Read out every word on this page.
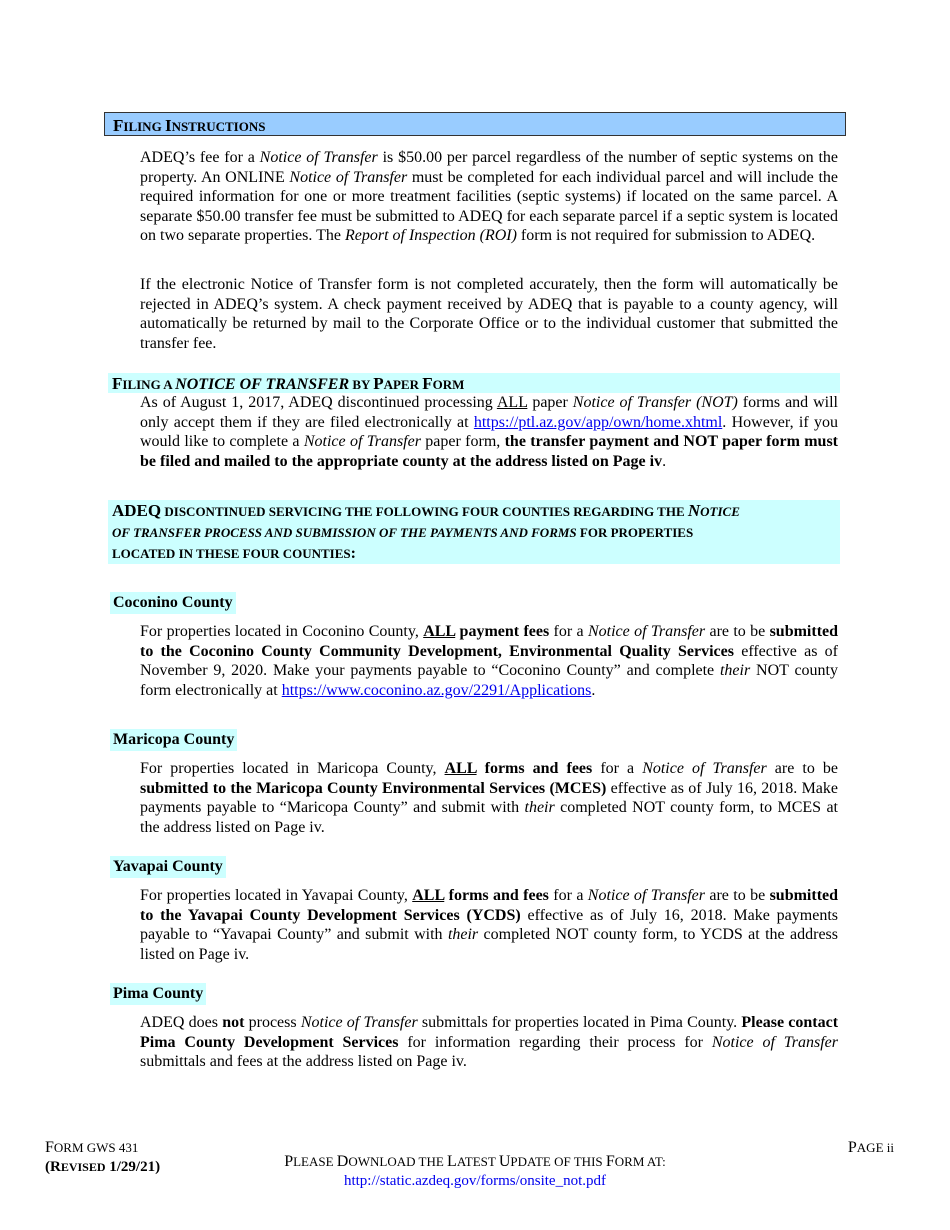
FILING INSTRUCTIONS
ADEQ’s fee for a Notice of Transfer is $50.00 per parcel regardless of the number of septic systems on the property. An ONLINE Notice of Transfer must be completed for each individual parcel and will include the required information for one or more treatment facilities (septic systems) if located on the same parcel. A separate $50.00 transfer fee must be submitted to ADEQ for each separate parcel if a septic system is located on two separate properties. The Report of Inspection (ROI) form is not required for submission to ADEQ.
If the electronic Notice of Transfer form is not completed accurately, then the form will automatically be rejected in ADEQ’s system. A check payment received by ADEQ that is payable to a county agency, will automatically be returned by mail to the Corporate Office or to the individual customer that submitted the transfer fee.
FILING A NOTICE OF TRANSFER BY PAPER FORM
As of August 1, 2017, ADEQ discontinued processing ALL paper Notice of Transfer (NOT) forms and will only accept them if they are filed electronically at https://ptl.az.gov/app/own/home.xhtml. However, if you would like to complete a Notice of Transfer paper form, the transfer payment and NOT paper form must be filed and mailed to the appropriate county at the address listed on Page iv.
ADEQ DISCONTINUED SERVICING THE FOLLOWING FOUR COUNTIES REGARDING THE NOTICE
OF TRANSFER PROCESS AND SUBMISSION OF THE PAYMENTS AND FORMS FOR PROPERTIES
LOCATED IN THESE FOUR COUNTIES:
Coconino County
For properties located in Coconino County, ALL payment fees for a Notice of Transfer are to be submitted to the Coconino County Community Development, Environmental Quality Services effective as of November 9, 2020. Make your payments payable to “Coconino County” and complete their NOT county form electronically at https://www.coconino.az.gov/2291/Applications.
Maricopa County
For properties located in Maricopa County, ALL forms and fees for a Notice of Transfer are to be submitted to the Maricopa County Environmental Services (MCES) effective as of July 16, 2018. Make payments payable to “Maricopa County” and submit with their completed NOT county form, to MCES at the address listed on Page iv.
Yavapai County
For properties located in Yavapai County, ALL forms and fees for a Notice of Transfer are to be submitted to the Yavapai County Development Services (YCDS) effective as of July 16, 2018. Make payments payable to “Yavapai County” and submit with their completed NOT county form, to YCDS at the address listed on Page iv.
Pima County
ADEQ does not process Notice of Transfer submittals for properties located in Pima County. Please contact Pima County Development Services for information regarding their process for Notice of Transfer submittals and fees at the address listed on Page iv.
FORM GWS 431
(REVISED 1/29/21)	PLEASE DOWNLOAD THE LATEST UPDATE OF THIS FORM AT:
http://static.azdeq.gov/forms/onsite_not.pdf
PAGE ii
